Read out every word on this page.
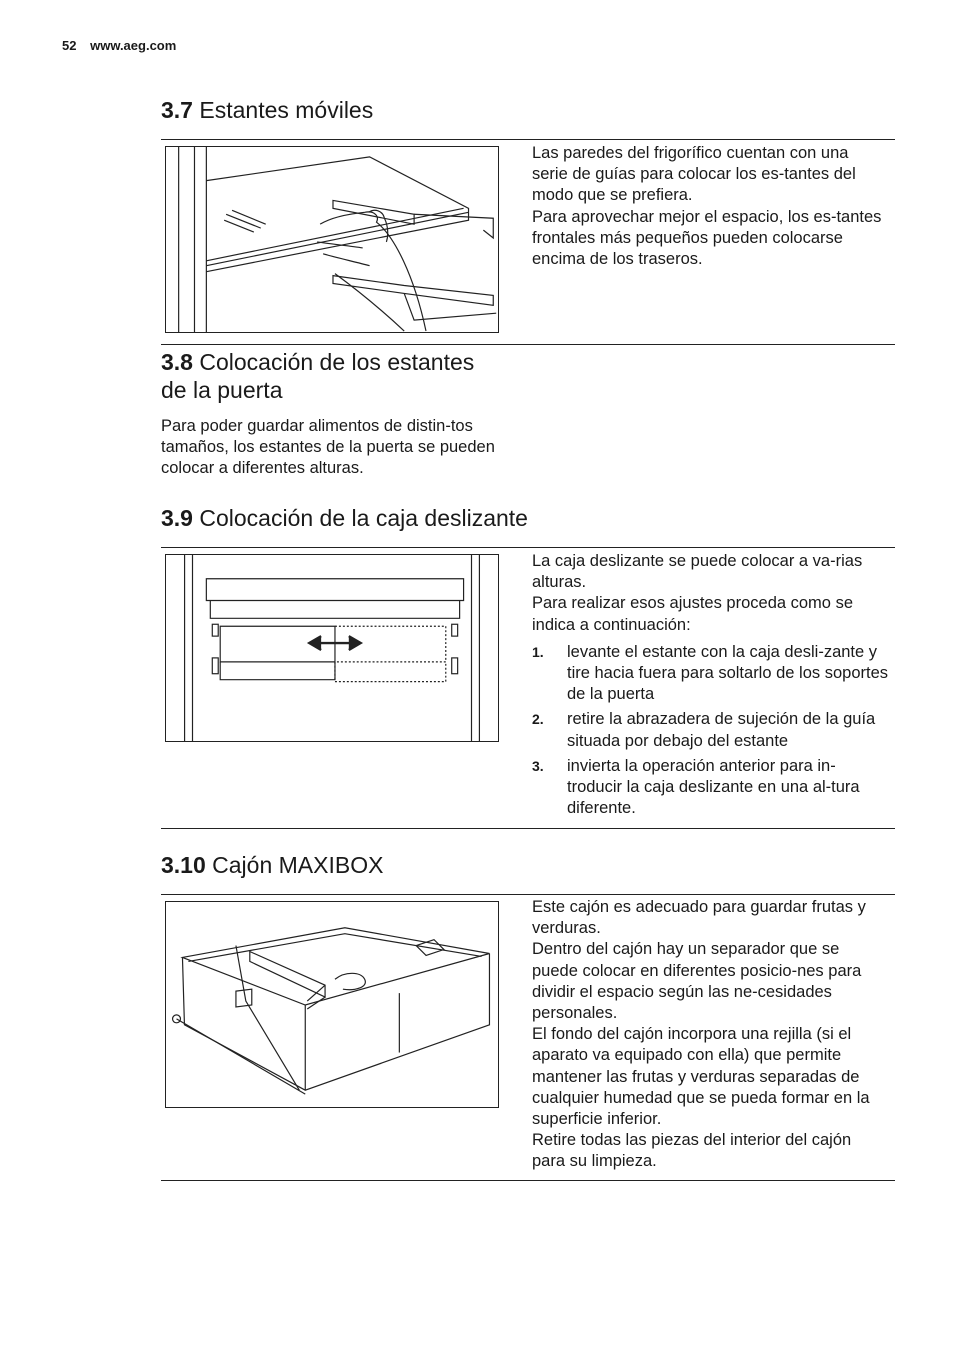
52 www.aeg.com
3.7 Estantes móviles

Las paredes del frigorífico cuentan con una serie de guías para colocar los es-tantes del modo que se prefiera.

Para aprovechar mejor el espacio, los es-tantes frontales más pequeños pueden colocarse encima de los traseros.

3.8 Colocación de los estantes
de la puerta

Para poder guardar alimentos de distin-tos tamaños, los estantes de la puerta se pueden colocar a diferentes alturas.

3.9 Colocación de la caja deslizante

La caja deslizante se puede colocar a va-rias alturas.

Para realizar esos ajustes proceda como se indica a continuación:

1. levante el estante con la caja desli-zante y tire hacia fuera para soltarlo de los soportes de la puerta
2. retire la abrazadera de sujeción de la guía situada por debajo del estante
3. invierta la operación anterior para in-troducir la caja deslizante en una al-tura diferente.
3.10 Cajón MAXIBOX

Este cajón es adecuado para guardar frutas y verduras.

Dentro del cajón hay un separador que se puede colocar en diferentes posicio-nes para dividir el espacio según las ne-cesidades personales.

El fondo del cajón incorpora una rejilla (si el aparato va equipado con ella) que permite mantener las frutas y verduras separadas de cualquier humedad que se pueda formar en la superficie inferior.

Retire todas las piezas del interior del cajón para su limpieza.
